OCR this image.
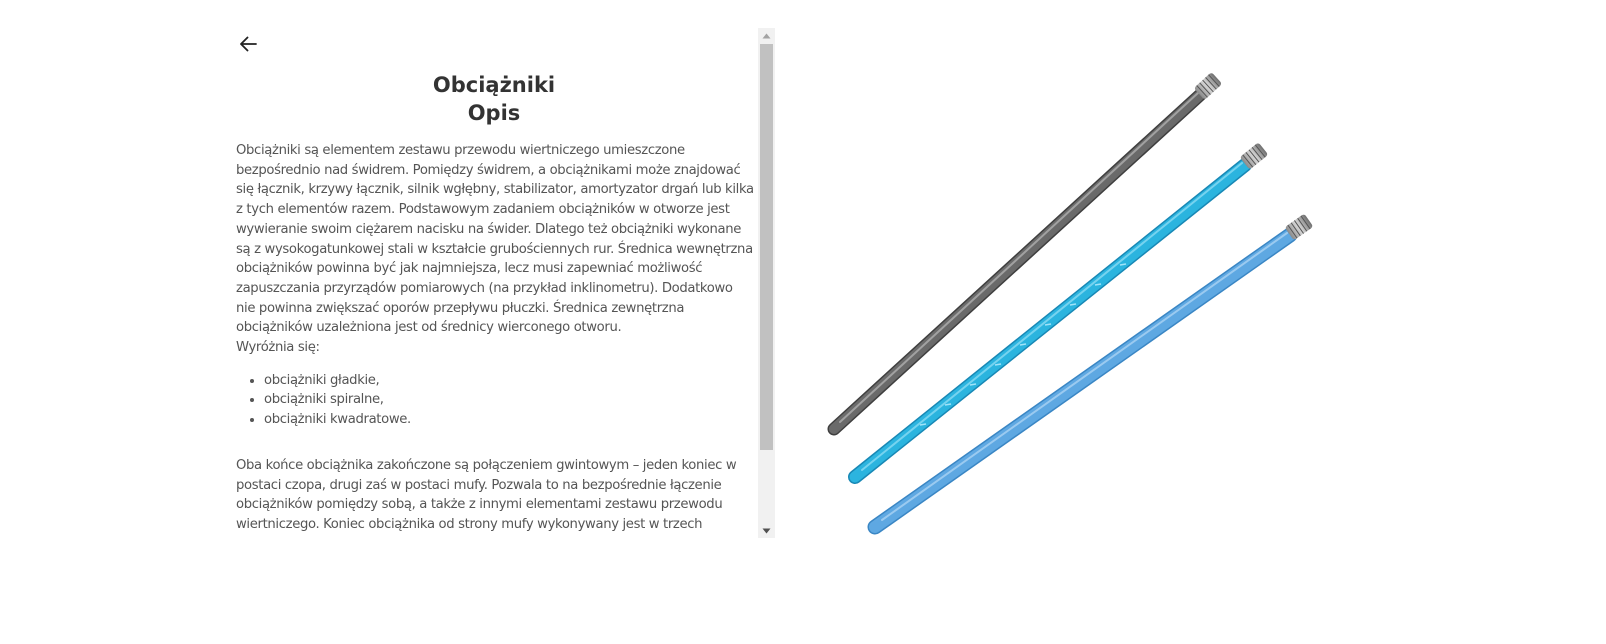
Obciążniki
Opis

Obciążniki są elementem zestawu przewodu wiertniczego umieszczone bezpośrednio nad świdrem. Pomiędzy świdrem, a obciążnikami może znajdować się łącznik, krzywy łącznik, silnik wgłębny, stabilizator, amortyzator drgań lub kilka z tych elementów razem. Podstawowym zadaniem obciążników w otworze jest wywieranie swoim ciężarem nacisku na świder. Dlatego też obciążniki wykonane są z wysokogatunkowej stali w kształcie grubościennych rur. Średnica wewnętrzna obciążników powinna być jak najmniejsza, lecz musi zapewniać możliwość zapuszczania przyrządów pomiarowych (na przykład inklinometru). Dodatkowo nie powinna zwiększać oporów przepływu płuczki. Średnica zewnętrzna obciążników uzależniona jest od średnicy wierconego otworu.

Wyróżnia się:

• obciążniki gładkie,
• obciążniki spiralne,
• obciążniki kwadratowe.

Oba końce obciążnika zakończone są połączeniem gwintowym – jeden koniec w postaci czopa, drugi zaś w postaci mufy. Pozwala to na bezpośrednie łączenie obciążników pomiędzy sobą, a także z innymi elementami zestawu przewodu wiertniczego. Koniec obciążnika od strony mufy wykonywany jest w trzech
